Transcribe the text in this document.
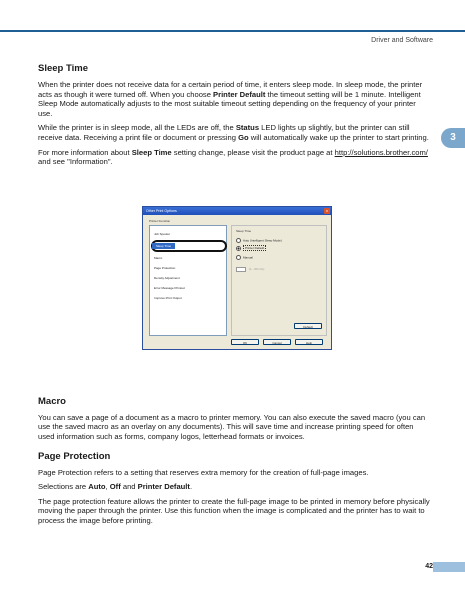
Driver and Software
3
Sleep Time

When the printer does not receive data for a certain period of time, it enters sleep mode. In sleep mode, the printer acts as though it were turned off. When you choose Printer Default the timeout setting will be 1 minute. Intelligent Sleep Mode automatically adjusts to the most suitable timeout setting depending on the frequency of your printer use.

While the printer is in sleep mode, all the LEDs are off, the Status LED lights up slightly, but the printer can still receive data. Receiving a print file or document or pressing Go will automatically wake up the printer to start printing.

For more information about Sleep Time setting change, please visit the product page at http://solutions.brother.com/ and see "Information".

Macro

You can save a page of a document as a macro to printer memory. You can also execute the saved macro (you can use the saved macro as an overlay on any documents). This will save time and increase printing speed for often used information such as forms, company logos, letterhead formats or invoices.

Page Protection

Page Protection refers to a setting that reserves extra memory for the creation of full-page images.

Selections are Auto, Off and Printer Default.

The page protection feature allows the printer to create the full-page image to be printed in memory before physically moving the paper through the printer. Use this function when the image is complicated and the printer has to wait to process the image before printing.

Other Print Options	x
Printer Function
Job Spooler
Sleep Time
Macro
Page Protection
Density Adjustment
Error Message Printout
Improve Print Output
Sleep Time
Auto (Intelligent Sleep Mode)
Printer Default
Manual
(1 - 60 min)
Default
OK	Cancel	Help
42
